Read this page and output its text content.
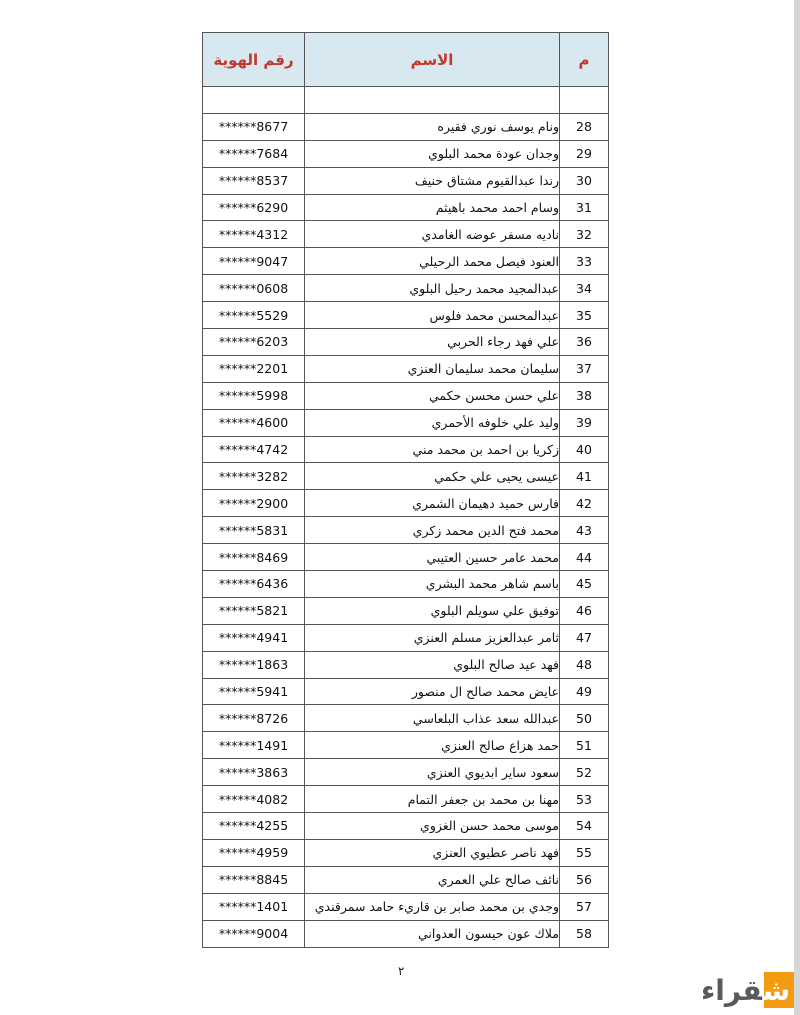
م	الاسم	رقم الهوية

28	ونام يوسف نوري فقيره	******8677
29	وجدان عودة محمد البلوي	******7684
30	رندا عبدالقيوم مشتاق حنيف	******8537
31	وسام احمد محمد باهيثم	******6290
32	ناديه مسفر عوضه الغامدي	******4312
33	العنود فيصل محمد الرحيلي	******9047
34	عبدالمجيد محمد رحيل البلوي	******0608
35	عبدالمحسن محمد فلوس	******5529
36	علي فهد رجاء الحربي	******6203
37	سليمان محمد سليمان العنزي	******2201
38	علي حسن محسن حكمي	******5998
39	وليد علي خلوفه الأحمري	******4600
40	زكريا بن احمد بن محمد مني	******4742
41	عيسى يحيى علي حكمي	******3282
42	فارس حميد دهيمان الشمري	******2900
43	محمد فتح الدين محمد زكري	******5831
44	محمد عامر حسين العتيبي	******8469
45	باسم شاهر محمد البشري	******6436
46	توفيق علي سويلم البلوي	******5821
47	ثامر عبدالعزيز مسلم العنزي	******4941
48	فهد عيد صالح البلوي	******1863
49	عايض محمد صالح ال منصور	******5941
50	عبدالله سعد عذاب البلعاسي	******8726
51	حمد هزاع صالح العنزي	******1491
52	سعود ساير ابديوي العنزي	******3863
53	مهنا بن محمد بن جعفر التمام	******4082
54	موسى محمد حسن الغزوي	******4255
55	فهد ناصر عطيوي العنزي	******4959
56	نائف صالح علي العمري	******8845
57	وجدي بن محمد صابر بن قاريء حامد سمرقندي	******1401
58	ملاك عون حيسون العدواني	******9004
٢
شقراء
